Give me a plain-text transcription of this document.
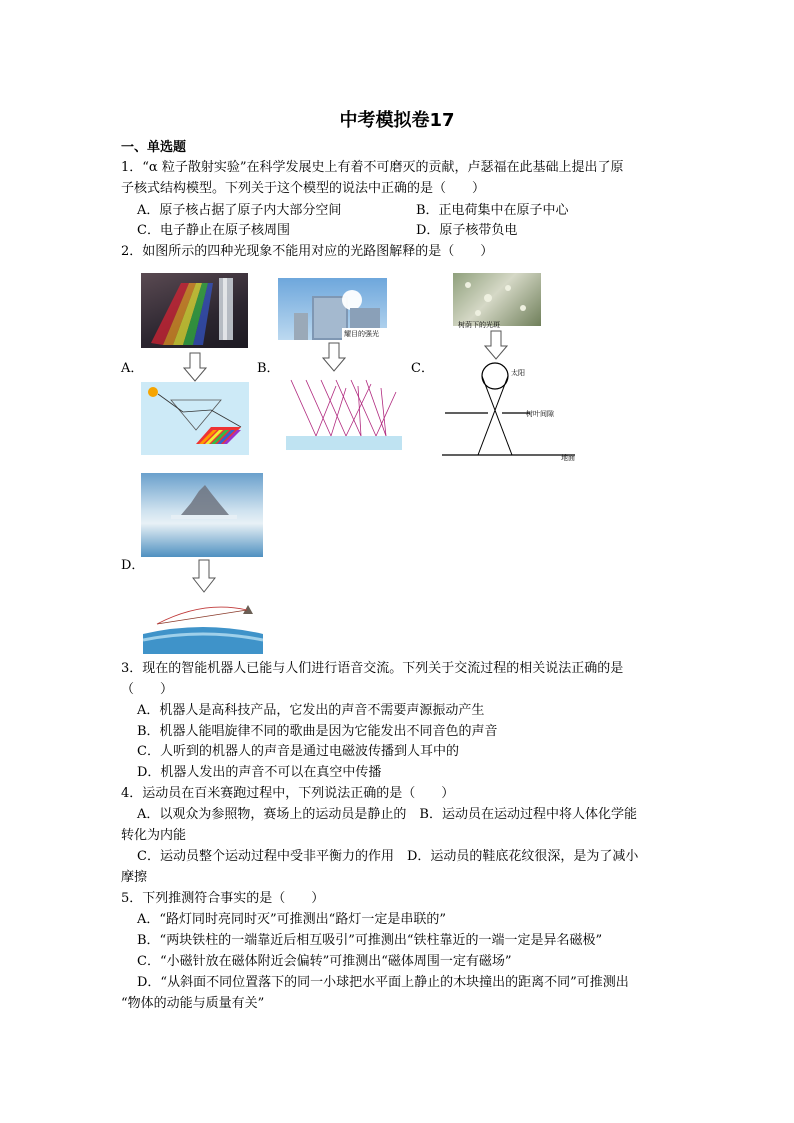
中考模拟卷17
一、单选题
1．“α 粒子散射实验”在科学发展史上有着不可磨灭的贡献，卢瑟福在此基础上提出了原
子核式结构模型。下列关于这个模型的说法中正确的是（　　）
A．原子核占据了原子内大部分空间	B．正电荷集中在原子中心
C．电子静止在原子核周围	D．原子核带负电
2．如图所示的四种光现象不能用对应的光路图解释的是（　　）
A．
耀目的强光
B．
树荫下的光斑
C．	太阳
树叶间隙
地面
D．
3．现在的智能机器人已能与人们进行语音交流。下列关于交流过程的相关说法正确的是
（　　）
A．机器人是高科技产品，它发出的声音不需要声源振动产生
B．机器人能唱旋律不同的歌曲是因为它能发出不同音色的声音
C．人听到的机器人的声音是通过电磁波传播到人耳中的
D．机器人发出的声音不可以在真空中传播
4．运动员在百米赛跑过程中，下列说法正确的是（　　）
A．以观众为参照物，赛场上的运动员是静止的　B．运动员在运动过程中将人体化学能
转化为内能
C．运动员整个运动过程中受非平衡力的作用　D．运动员的鞋底花纹很深，是为了减小
摩擦
5．下列推测符合事实的是（　　）
A．“路灯同时亮同时灭”可推测出“路灯一定是串联的”
B．“两块铁柱的一端靠近后相互吸引”可推测出“铁柱靠近的一端一定是异名磁极”
C．“小磁针放在磁体附近会偏转”可推测出“磁体周围一定有磁场”
D．“从斜面不同位置落下的同一小球把水平面上静止的木块撞出的距离不同”可推测出
“物体的动能与质量有关”
